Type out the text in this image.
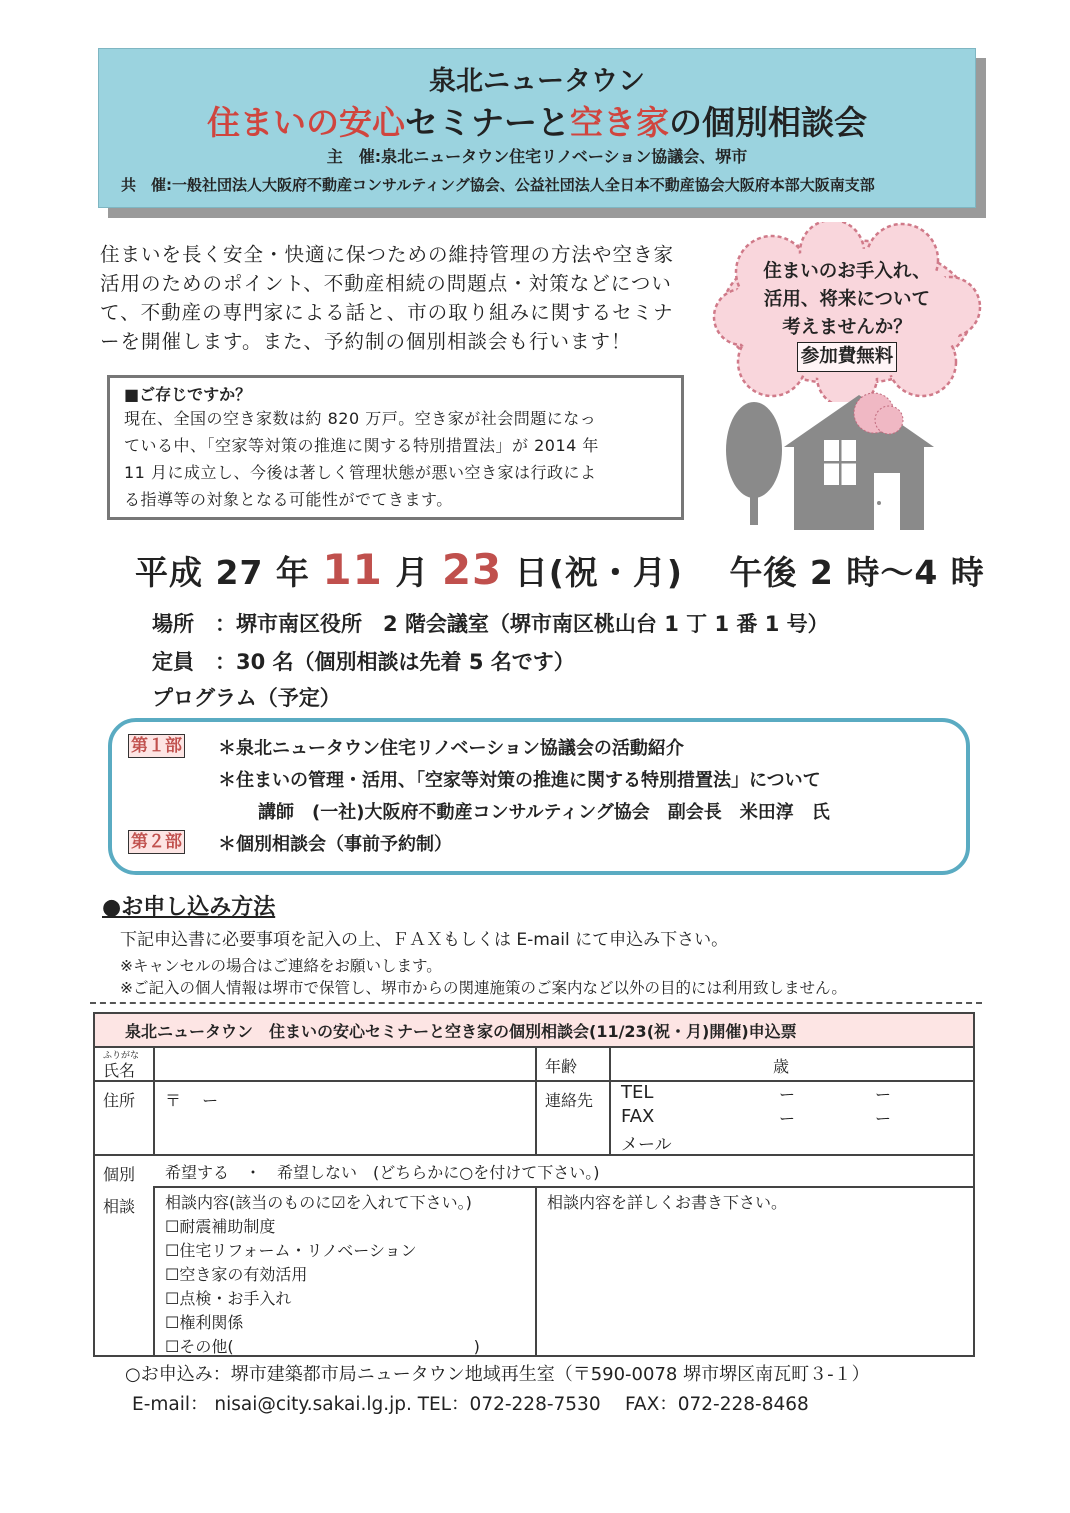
泉北ニュータウン
住まいの安心セミナーと空き家の個別相談会
主　催:泉北ニュータウン住宅リノベーション協議会、堺市
共　催:一般社団法人大阪府不動産コンサルティング協会、公益社団法人全日本不動産協会大阪府本部大阪南支部
住まいを長く安全・快適に保つための維持管理の方法や空き家
活用のためのポイント、不動産相続の問題点・対策などについ
て、不動産の専門家による話と、市の取り組みに関するセミナ
ーを開催します。また、予約制の個別相談会も行います！
住まいのお手入れ、
活用、将来について
考えませんか？
参加費無料
■ご存じですか？
現在、全国の空き家数は約 820 万戸。空き家が社会問題になっ
ている中、「空家等対策の推進に関する特別措置法」が 2014 年
11 月に成立し、今後は著しく管理状態が悪い空き家は行政によ
る指導等の対象となる可能性がでてきます。
平成 27 年 11 月 23 日(祝・月)　 午後 2 時～4 時
場所　 ：堺市南区役所　2 階会議室（堺市南区桃山台 1 丁 1 番 1 号）
定員　 ：30 名（個別相談は先着 5 名です）
プログラム（予定）
第１部 ＊泉北ニュータウン住宅リノベーション協議会の活動紹介
＊住まいの管理・活用、「空家等対策の推進に関する特別措置法」について
講師　(一社)大阪府不動産コンサルティング協会　副会長　米田淳　氏
第２部 ＊個別相談会（事前予約制）
●お申し込み方法
下記申込書に必要事項を記入の上、ＦＡＸもしくは E-mail にて申込み下さい。
※キャンセルの場合はご連絡をお願いします。
※ご記入の個人情報は堺市で保管し、堺市からの関連施策のご案内など以外の目的には利用致しません。
泉北ニュータウン　住まいの安心セミナーと空き家の個別相談会(11/23(祝・月)開催)申込票
ふりがな
氏名	年齢	歳
住所 〒　 ー	連絡先 TEL	ー	ー
FAX	ー	ー
メール
個別
相談
希望する　・　希望しない　(どちらかに○を付けて下さい。)
相談内容(該当のものに☑を入れて下さい。)	相談内容を詳しくお書き下さい。
☐耐震補助制度
☐住宅リフォーム・リノベーション
☐空き家の有効活用
☐点検・お手入れ
☐権利関係
☐その他(　　　　　　　　　　　　　　　)
○お申込み：堺市建築都市局ニュータウン地域再生室（〒590-0078 堺市堺区南瓦町３-１）
E-mail： nisai@city.sakai.lg.jp. TEL：072-228-7530　 FAX：072-228-8468
